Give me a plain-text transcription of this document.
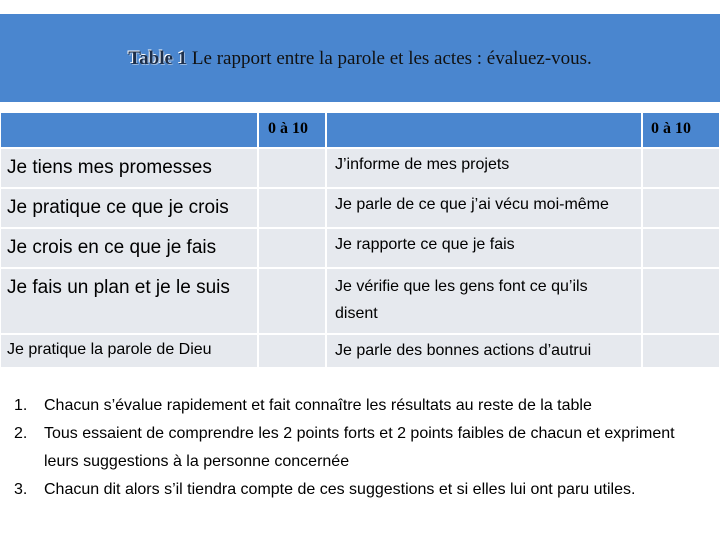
Table 1 Le rapport entre la parole et les actes : évaluez-vous.
0 à 10	0 à 10
Je tiens mes promesses	J’informe de mes projets
Je pratique ce que je crois	Je parle de ce que j’ai vécu moi-même
Je crois en ce que je fais	Je rapporte ce que je fais
Je fais un plan et je le suis	Je vérifie que les gens font ce qu’ils disent
Je pratique la parole de Dieu	Je parle des bonnes actions d’autrui
1. Chacun s’évalue rapidement et fait connaître les résultats au reste de la table
2. Tous essaient de comprendre les 2 points forts et 2 points faibles de chacun et expriment leurs suggestions à la personne concernée
3. Chacun dit alors s’il tiendra compte de ces suggestions et si elles lui ont paru utiles.
